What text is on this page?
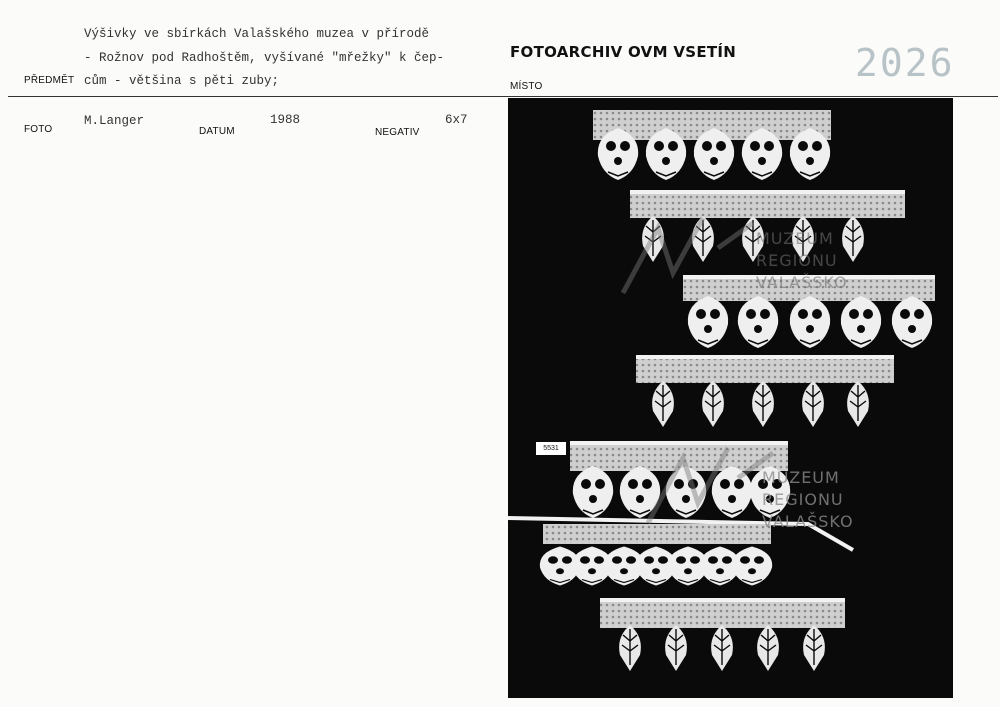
Výšivky ve sbírkách Valašského muzea v přírodě
- Rožnov pod Radhoštěm, vyšívané "mřežky" k čep-
cům - většina s pěti zuby;
PŘEDMĚT
FOTOARCHIV OVM VSETÍN	2026
MÍSTO
FOTO
M.Langer
DATUM
1988
NEGATIV
6x7
MUZEUM
REGIONU
VALAŠSKO
MUZEUM
REGIONU
VALAŠSKO
5531
